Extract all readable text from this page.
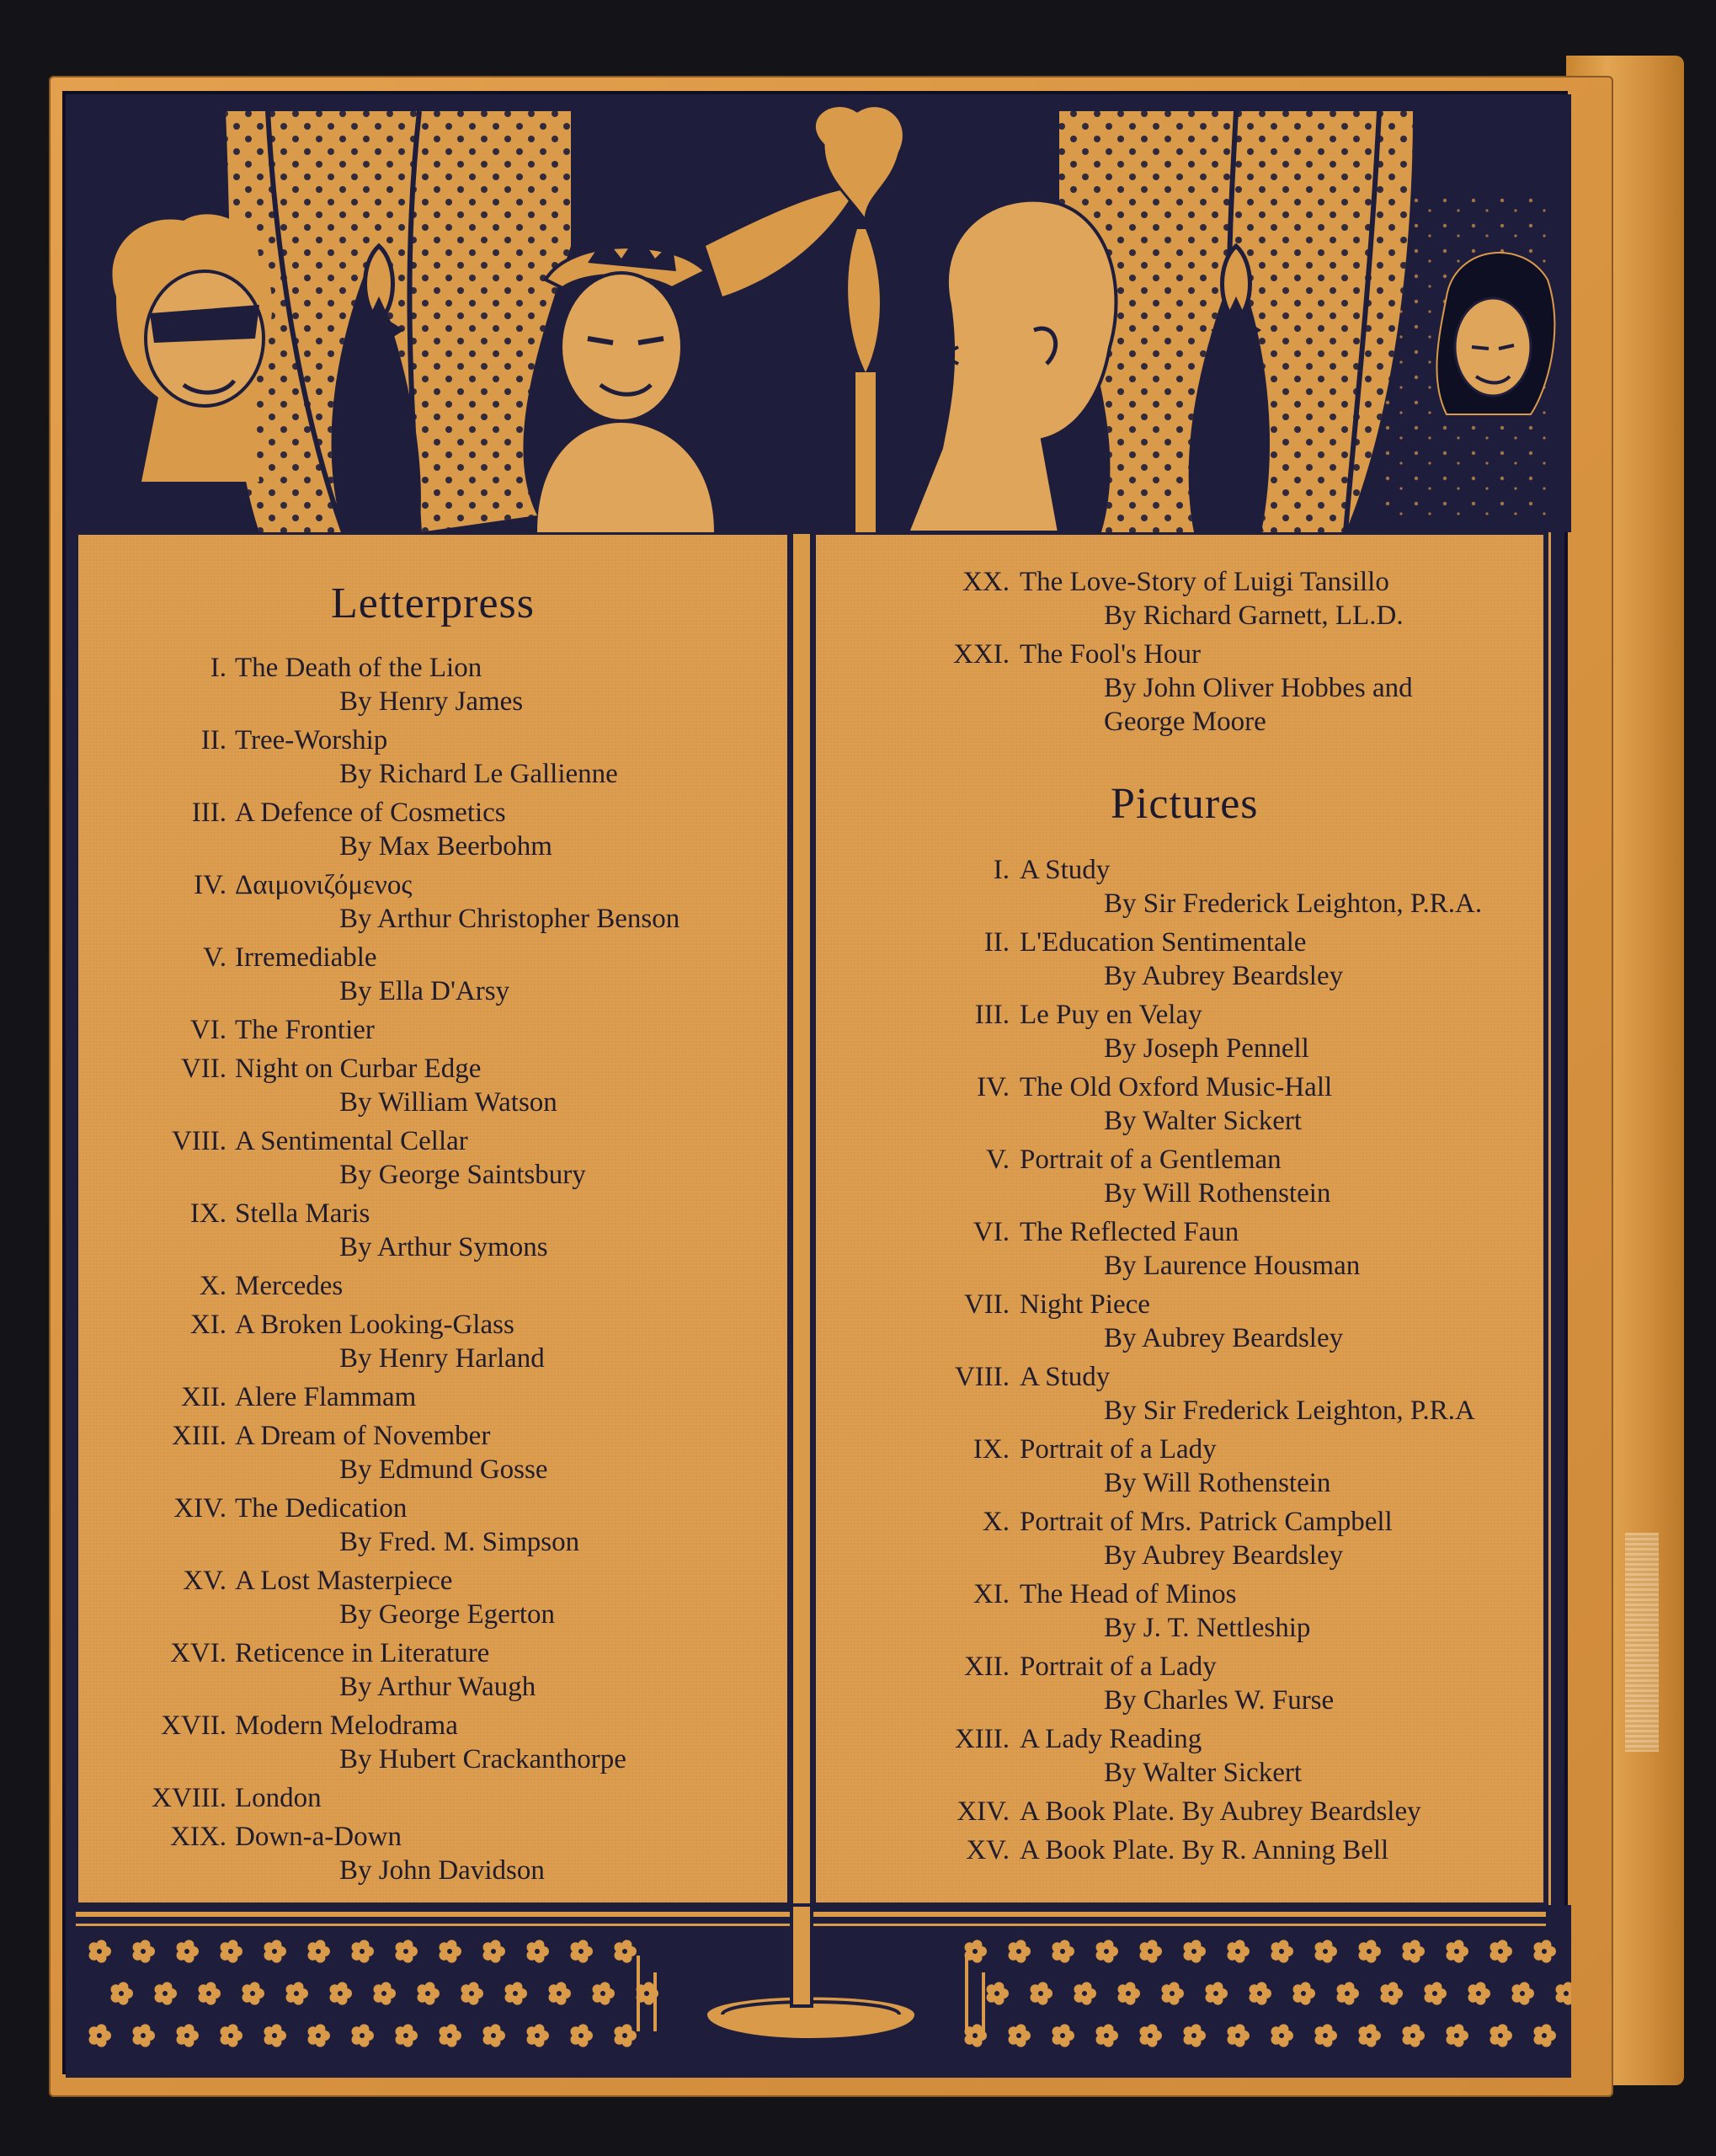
Letterpress
I. The Death of the Lion
By Henry James
II. Tree-Worship
By Richard Le Gallienne
III. A Defence of Cosmetics
By Max Beerbohm
IV. Δαιμονιζόμενος
By Arthur Christopher Benson
V. Irremediable
By Ella D'Arsy
VI. The Frontier
VII. Night on Curbar Edge
By William Watson
VIII. A Sentimental Cellar
By George Saintsbury
IX. Stella Maris
By Arthur Symons
X. Mercedes
XI. A Broken Looking-Glass
By Henry Harland
XII. Alere Flammam
XIII. A Dream of November
By Edmund Gosse
XIV. The Dedication
By Fred. M. Simpson
XV. A Lost Masterpiece
By George Egerton
XVI. Reticence in Literature
By Arthur Waugh
XVII. Modern Melodrama
By Hubert Crackanthorpe
XVIII. London
XIX. Down-a-Down
By John Davidson
XX. The Love-Story of Luigi Tansillo
By Richard Garnett, LL.D.
XXI. The Fool's Hour
By John Oliver Hobbes and
George Moore
Pictures
I. A Study
By Sir Frederick Leighton, P.R.A.
II. L'Education Sentimentale
By Aubrey Beardsley
III. Le Puy en Velay
By Joseph Pennell
IV. The Old Oxford Music-Hall
By Walter Sickert
V. Portrait of a Gentleman
By Will Rothenstein
VI. The Reflected Faun
By Laurence Housman
VII. Night Piece
By Aubrey Beardsley
VIII. A Study
By Sir Frederick Leighton, P.R.A
IX. Portrait of a Lady
By Will Rothenstein
X. Portrait of Mrs. Patrick Campbell
By Aubrey Beardsley
XI. The Head of Minos
By J. T. Nettleship
XII. Portrait of a Lady
By Charles W. Furse
XIII. A Lady Reading
By Walter Sickert
XIV. A Book Plate. By Aubrey Beardsley
XV. A Book Plate. By R. Anning Bell
